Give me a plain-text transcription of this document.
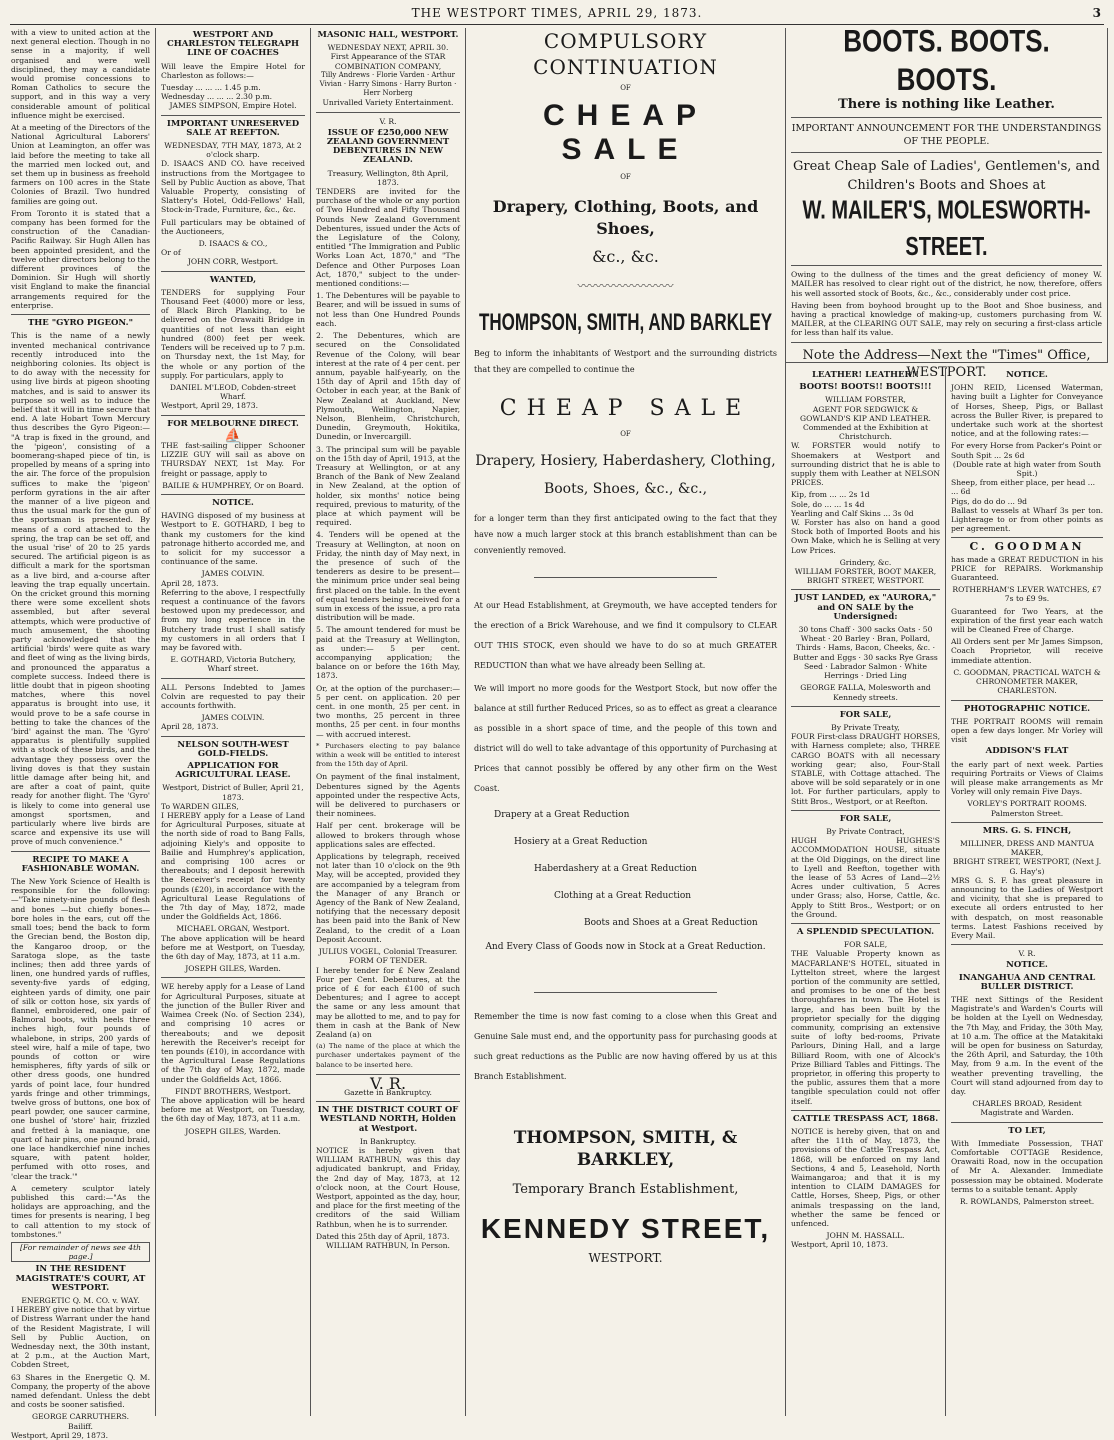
THE WESTPORT TIMES, APRIL 29, 1873.	3

with a view to united action at the next general election. Though in no sense in a majority, if well organised and were well disciplined, they may a candidate would promise concessions to Roman Catholics to secure the support, and in this way a very considerable amount of political influence might be exercised.

At a meeting of the Directors of the National Agricultural Laborers' Union at Leamington, an offer was laid before the meeting to take all the married men locked out, and set them up in business as freehold farmers on 100 acres in the State Colonies of Brazil. Two hundred families are going out.

From Toronto it is stated that a company has been formed for the construction of the Canadian-Pacific Railway. Sir Hugh Allen has been appointed president, and the twelve other directors belong to the different provinces of the Dominion. Sir Hugh will shortly visit England to make the financial arrangements required for the enterprise.

THE "GYRO PIGEON."

This is the name of a newly invented mechanical contrivance recently introduced into the neighboring colonies. Its object is to do away with the necessity for using live birds at pigeon shooting matches, and is said to answer its purpose so well as to induce the belief that it will in time secure that end. A late Hobart Town Mercury thus describes the Gyro Pigeon:— "A trap is fixed in the ground, and the 'pigeon', consisting of a boomerang-shaped piece of tin, is propelled by means of a spring into the air. The force of the propulsion suffices to make the 'pigeon' perform gyrations in the air after the manner of a live pigeon and thus the usual mark for the gun of the sportsman is presented. By means of a cord attached to the spring, the trap can be set off, and the usual 'rise' of 20 to 25 yards secured. The artificial pigeon is as difficult a mark for the sportsman as a live bird, and a-course after leaving the trap equally uncertain. On the cricket ground this morning there were some excellent shots assembled, but after several attempts, which were productive of much amusement, the shooting party acknowledged that the artificial 'birds' were quite as wary and fleet of wing as the living birds, and pronounced the apparatus a complete success. Indeed there is little doubt that in pigeon shooting matches, where this novel apparatus is brought into use, it would prove to be a safe course in betting to take the chances of the 'bird' against the man. The 'Gyro' apparatus is plentifully supplied with a stock of these birds, and the advantage they possess over the living doves is that they sustain little damage after being hit, and are after a coat of paint, quite ready for another flight. The 'Gyro' is likely to come into general use amongst sportsmen, and particularly where live birds are scarce and expensive its use will prove of much convenience."

RECIPE TO MAKE A FASHIONABLE WOMAN.

The New York Science of Health is responsible for the following:—"Take ninety-nine pounds of flesh and bones —but chiefly bones—bore holes in the ears, cut off the small toes; bend the back to form the Grecian bend, the Boston dip, the Kangaroo droop, or the Saratoga slope, as the taste inclines; then add three yards of linen, one hundred yards of ruffles, seventy-five yards of edging, eighteen yards of dimity, one pair of silk or cotton hose, six yards of flannel, embroidered, one pair of Balmoral boots, with heels three inches high, four pounds of whalebone, in strips, 200 yards of steel wire, half a mile of tape, two pounds of cotton or wire hemispheres, fifty yards of silk or other dress goods, one hundred yards of point lace, four hundred yards fringe and other trimmings, twelve gross of buttons, one box of pearl powder, one saucer carmine, one bushel of 'store' hair, frizzled and fretted à la maniaque, one quart of hair pins, one pound braid, one lace handkerchief nine inches square, with patent holder, perfumed with otto roses, and 'clear the track.'"

A cemetery sculptor lately published this card:—"As the holidays are approaching, and the times for presents is nearing, I beg to call attention to my stock of tombstones."

[For remainder of news see 4th page.]
IN THE RESIDENT MAGISTRATE'S COURT, AT WESTPORT.
ENERGETIC Q. M. CO. v. WAY.

I HEREBY give notice that by virtue of Distress Warrant under the hand of the Resident Magistrate, I will Sell by Public Auction, on Wednesday next, the 30th instant, at 2 p.m., at the Auction Mart, Cobden Street,

63 Shares in the Energetic Q. M. Company, the property of the above named defendant. Unless the debt and costs be sooner satisfied.

GEORGE CARRUTHERS.
Bailiff.
Westport, April 29, 1873.
WESTPORT AND CHARLESTON TELEGRAPH LINE OF COACHES

Will leave the Empire Hotel for Charleston as follows:—

Tuesday ... ... ... 1.45 p.m.
Wednesday ... ... ... 2.30 p.m.
JAMES SIMPSON, Empire Hotel.
IMPORTANT UNRESERVED SALE AT REEFTON.
WEDNESDAY, 7TH MAY, 1873, At 2 o'clock sharp.

D. ISAACS AND CO. have received instructions from the Mortgagee to Sell by Public Auction as above, That Valuable Property, consisting of Slattery's Hotel, Odd-Fellows' Hall, Stock-in-Trade, Furniture, &c., &c.

Full particulars may be obtained of the Auctioneers,

D. ISAACS & CO.,
Or of
JOHN CORR, Westport.
WANTED,

TENDERS for supplying Four Thousand Feet (4000) more or less, of Black Birch Planking, to be delivered on the Orawaiti Bridge in quantities of not less than eight hundred (800) feet per week. Tenders will be received up to 7 p.m. on Thursday next, the 1st May, for the whole or any portion of the supply. For particulars, apply to

DANIEL M'LEOD, Cobden-street Wharf.
Westport, April 29, 1873.
FOR MELBOURNE DIRECT.
⛵

THE fast-sailing clipper Schooner LIZZIE GUY will sail as above on THURSDAY NEXT, 1st May. For freight or passage, apply to

BAILIE & HUMPHREY, Or on Board.
NOTICE.

HAVING disposed of my business at Westport to E. GOTHARD, I beg to thank my customers for the kind patronage hitherto accorded me, and to solicit for my successor a continuance of the same.

JAMES COLVIN.
April 28, 1873.

Referring to the above, I respectfully request a continuance of the favors bestowed upon my predecessor, and from my long experience in the Butchery trade trust I shall satisfy my customers in all orders that I may be favored with.

E. GOTHARD, Victoria Butchery, Wharf street.

ALL Persons Indebted to James Colvin are requested to pay their accounts forthwith.

JAMES COLVIN.
April 28, 1873.
NELSON SOUTH-WEST GOLD-FIELDS.
APPLICATION FOR AGRICULTURAL LEASE.
Westport, District of Buller, April 21, 1873.
To WARDEN GILES,

I HEREBY apply for a Lease of Land for Agricultural Purposes, situate at the north side of road to Bang Falls, adjoining Kiely's and opposite to Bailie and Humphrey's application, and comprising 100 acres or thereabouts; and I deposit herewith the Receiver's receipt for twenty pounds (£20), in accordance with the Agricultural Lease Regulations of the 7th day of May, 1872, made under the Goldfields Act, 1866.

MICHAEL ORGAN, Westport.

The above application will be heard before me at Westport, on Tuesday, the 6th day of May, 1873, at 11 a.m.

JOSEPH GILES, Warden.

WE hereby apply for a Lease of Land for Agricultural Purposes, situate at the junction of the Buller River and Waimea Creek (No. of Section 234), and comprising 10 acres or thereabouts; and we deposit herewith the Receiver's receipt for ten pounds (£10), in accordance with the Agricultural Lease Regulations of the 7th day of May, 1872, made under the Goldfields Act, 1866.

FINDT BROTHERS, Westport.

The above application will be heard before me at Westport, on Tuesday, the 6th day of May, 1873, at 11 a.m.

JOSEPH GILES, Warden.
MASONIC HALL, WESTPORT.
WEDNESDAY NEXT, APRIL 30.
First Appearance of the STAR COMBINATION COMPANY,
Tilly Andrews · Florie Varden · Arthur Vivian · Harry Simons · Harry Burton · Herr Norberg
Unrivalled Variety Entertainment.
V. R.
ISSUE OF £250,000 NEW ZEALAND GOVERNMENT DEBENTURES IN NEW ZEALAND.
Treasury, Wellington, 8th April, 1873.

TENDERS are invited for the purchase of the whole or any portion of Two Hundred and Fifty Thousand Pounds New Zealand Government Debentures, issued under the Acts of the Legislature of the Colony, entitled "The Immigration and Public Works Loan Act, 1870," and "The Defence and Other Purposes Loan Act, 1870," subject to the under-mentioned conditions:—

1. The Debentures will be payable to Bearer, and will be issued in sums of not less than One Hundred Pounds each.

2. The Debentures, which are secured on the Consolidated Revenue of the Colony, will bear interest at the rate of 4 per cent. per annum, payable half-yearly, on the 15th day of April and 15th day of October in each year, at the Bank of New Zealand at Auckland, New Plymouth, Wellington, Napier, Nelson, Blenheim, Christchurch, Dunedin, Greymouth, Hokitika, Dunedin, or Invercargill.

3. The principal sum will be payable on the 15th day of April, 1913, at the Treasury at Wellington, or at any Branch of the Bank of New Zealand in New Zealand, at the option of holder, six months' notice being required, previous to maturity, of the place at which payment will be required.

4. Tenders will be opened at the Treasury at Wellington, at noon on Friday, the ninth day of May next, in the presence of such of the tenderers as desire to be present—the minimum price under seal being first placed on the table. In the event of equal tenders being received for a sum in excess of the issue, a pro rata distribution will be made.

5. The amount tendered for must be paid at the Treasury at Wellington, as under:— 5 per cent. accompanying application; the balance on or before the 16th May, 1873.

Or, at the option of the purchaser:— 5 per cent. on application. 20 per cent. in one month, 25 per cent. in two months, 25 percent in three months, 25 per cent. in four months — with accrued interest.

* Purchasers electing to pay balance within a week will be entitled to interest from the 15th day of April.

On payment of the final instalment, Debentures signed by the Agents appointed under the respective Acts, will be delivered to purchasers or their nominees.

Half per cent. brokerage will be allowed to brokers through whose applications sales are effected.

Applications by telegraph, received not later than 10 o'clock on the 9th May, will be accepted, provided they are accompanied by a telegram from the Manager of any Branch or Agency of the Bank of New Zealand, notifying that the necessary deposit has been paid into the Bank of New Zealand, to the credit of a Loan Deposit Account.

JULIUS VOGEL, Colonial Treasurer.
FORM OF TENDER.

I hereby tender for £ New Zealand Four per Cent. Debentures, at the price of £ for each £100 of such Debentures; and I agree to accept the same or any less amount that may be allotted to me, and to pay for them in cash at the Bank of New Zealand (a) on

(a) The name of the place at which the purchaser undertakes payment of the balance to be inserted here.

V. R.
Gazette in Bankruptcy.
IN THE DISTRICT COURT OF WESTLAND NORTH, Holden at Westport.
In Bankruptcy.

NOTICE is hereby given that WILLIAM RATHBUN, was this day adjudicated bankrupt, and Friday, the 2nd day of May, 1873, at 12 o'clock noon, at the Court House, Westport, appointed as the day, hour, and place for the first meeting of the creditors of the said William Rathbun, when he is to surrender.

Dated this 25th day of April, 1873.
WILLIAM RATHBUN, In Person.
COMPULSORY CONTINUATION
OF
CHEAP SALE
OF
Drapery, Clothing, Boots, and Shoes,
&c., &c.
〰〰〰〰〰〰〰〰
THOMPSON, SMITH, AND BARKLEY

Beg to inform the inhabitants of Westport and the surrounding districts that they are compelled to continue the

CHEAP SALE
OF
Drapery, Hosiery, Haberdashery, Clothing, Boots, Shoes, &c., &c.,

for a longer term than they first anticipated owing to the fact that they have now a much larger stock at this branch establishment than can be conveniently removed.

At our Head Establishment, at Greymouth, we have accepted tenders for the erection of a Brick Warehouse, and we find it compulsory to CLEAR OUT THIS STOCK, even should we have to do so at much GREATER REDUCTION than what we have already been Selling at.

We will import no more goods for the Westport Stock, but now offer the balance at still further Reduced Prices, so as to effect as great a clearance as possible in a short space of time, and the people of this town and district will do well to take advantage of this opportunity of Purchasing at Prices that cannot possibly be offered by any other firm on the West Coast.

Drapery at a Great Reduction
Hosiery at a Great Reduction
Haberdashery at a Great Reduction
Clothing at a Great Reduction
Boots and Shoes at a Great Reduction
And Every Class of Goods now in Stock at a Great Reduction.

Remember the time is now fast coming to a close when this Great and Genuine Sale must end, and the opportunity pass for purchasing goods at such great reductions as the Public are now having offered by us at this Branch Establishment.

THOMPSON, SMITH, & BARKLEY,
Temporary Branch Establishment,
KENNEDY STREET,
WESTPORT.
BOOTS. BOOTS. BOOTS.
There is nothing like Leather.
IMPORTANT ANNOUNCEMENT FOR THE UNDERSTANDINGS OF THE PEOPLE.
Great Cheap Sale of Ladies', Gentlemen's, and Children's Boots and Shoes at
W. MAILER'S, MOLESWORTH-STREET.

Owing to the dullness of the times and the great deficiency of money W. MAILER has resolved to clear right out of the district, he now, therefore, offers his well assorted stock of Boots, &c., &c., considerably under cost price.

Having been from boyhood brought up to the Boot and Shoe business, and having a practical knowledge of making-up, customers purchasing from W. MAILER, at the CLEARING OUT SALE, may rely on securing a first-class article for less than half its value.

Note the Address—Next the "Times" Office, WESTPORT.
LEATHER! LEATHER!!
BOOTS! BOOTS!! BOOTS!!!
WILLIAM FORSTER,
AGENT FOR SEDGWICK & GOWLAND'S KIP AND LEATHER.
Commended at the Exhibition at Christchurch.

W. FORSTER would notify to Shoemakers at Westport and surrounding district that he is able to supply them with Leather at NELSON PRICES.

Kip, from ... ... 2s 1d
Sole, do ... ... 1s 4d
Yearling and Calf Skins ... 3s 0d

W. Forster has also on hand a good Stock both of Imported Boots and his Own Make, which he is Selling at very Low Prices.

Grindery, &c.
WILLIAM FORSTER, BOOT MAKER, BRIGHT STREET, WESTPORT.
JUST LANDED, ex "AURORA," and ON SALE by the Undersigned:

30 tons Chaff · 300 sacks Oats · 50 Wheat · 20 Barley · Bran, Pollard, Thirds · Hams, Bacon, Cheeks, &c. · Butter and Eggs · 30 sacks Rye Grass Seed · Labrador Salmon · White Herrings · Dried Ling

GEORGE FALLA, Molesworth and Kennedy streets.
FOR SALE,
By Private Treaty,

FOUR First-class DRAUGHT HORSES, with Harness complete; also, THREE CARGO BOATS with all necessary working gear; also, Four-Stall STABLE, with Cottage attached. The above will be sold separately or in one lot. For further particulars, apply to Stitt Bros., Westport, or at Reefton.

FOR SALE,
By Private Contract,

HUGH HUGHES'S ACCOMMODATION HOUSE, situate at the Old Diggings, on the direct line to Lyell and Reefton, together with the lease of 53 Acres of Land—2½ Acres under cultivation, 5 Acres under Grass; also, Horse, Cattle, &c. Apply to Stitt Bros., Westport; or on the Ground.

A SPLENDID SPECULATION.
FOR SALE,

THE Valuable Property known as MACFARLANE'S HOTEL, situated in Lyttelton street, where the largest portion of the community are settled, and promises to be one of the best thoroughfares in town. The Hotel is large, and has been built by the proprietor specially for the digging community, comprising an extensive suite of lofty bed-rooms, Private Parlours, Dining Hall, and a large Billiard Room, with one of Alcock's Prize Billiard Tables and Fittings. The proprietor, in offering this property to the public, assures them that a more tangible speculation could not offer itself.

CATTLE TRESPASS ACT, 1868.

NOTICE is hereby given, that on and after the 11th of May, 1873, the provisions of the Cattle Trespass Act, 1868, will be enforced on my land Sections, 4 and 5, Leasehold, North Waimangaroa; and that it is my intention to CLAIM DAMAGES for Cattle, Horses, Sheep, Pigs, or other animals trespassing on the land, whether the same be fenced or unfenced.

JOHN M. HASSALL.
Westport, April 10, 1873.
NOTICE.

JOHN REID, Licensed Waterman, having built a Lighter for Conveyance of Horses, Sheep, Pigs, or Ballast across the Buller River, is prepared to undertake such work at the shortest notice, and at the following rates:—

For every Horse from Packer's Point or South Spit ... 2s 6d
(Double rate at high water from South Spit.)
Sheep, from either place, per head ... ... 6d
Pigs, do do do ... 9d

Ballast to vessels at Wharf 3s per ton. Lighterage to or from other points as per agreement.

C. GOODMAN

has made a GREAT REDUCTION in his PRICE for REPAIRS. Workmanship Guaranteed.

ROTHERHAM'S LEVER WATCHES, £7 7s to £9 9s.

Guaranteed for Two Years, at the expiration of the first year each watch will be Cleaned Free of Charge.

All Orders sent per Mr James Simpson, Coach Proprietor, will receive immediate attention.

C. GOODMAN, PRACTICAL WATCH & CHRONOMETER MAKER, CHARLESTON.
PHOTOGRAPHIC NOTICE.

THE PORTRAIT ROOMS will remain open a few days longer. Mr Vorley will visit

ADDISON'S FLAT

the early part of next week. Parties requiring Portraits or Views of Claims will please make arrangements as Mr Vorley will only remain Five Days.

VORLEY'S PORTRAIT ROOMS. Palmerston Street.
MRS. G. S. FINCH,
MILLINER, DRESS AND MANTUA MAKER,
BRIGHT STREET, WESTPORT, (Next J. G. Hay's)

MRS G. S. F. has great pleasure in announcing to the Ladies of Westport and vicinity, that she is prepared to execute all orders entrusted to her with despatch, on most reasonable terms. Latest Fashions received by Every Mail.

V. R.
NOTICE.
INANGAHUA AND CENTRAL BULLER DISTRICT.

THE next Sittings of the Resident Magistrate's and Warden's Courts will be holden at the Lyell on Wednesday, the 7th May, and Friday, the 30th May, at 10 a.m. The office at the Matakitaki will be open for business on Saturday, the 26th April, and Saturday, the 10th May, from 9 a.m. In the event of the weather preventing travelling, the Court will stand adjourned from day to day.

CHARLES BROAD, Resident Magistrate and Warden.
TO LET,

With Immediate Possession, THAT Comfortable COTTAGE Residence, Orawaiti Road, now in the occupation of Mr A. Alexander. Immediate possession may be obtained. Moderate terms to a suitable tenant. Apply

R. ROWLANDS, Palmerston street.
